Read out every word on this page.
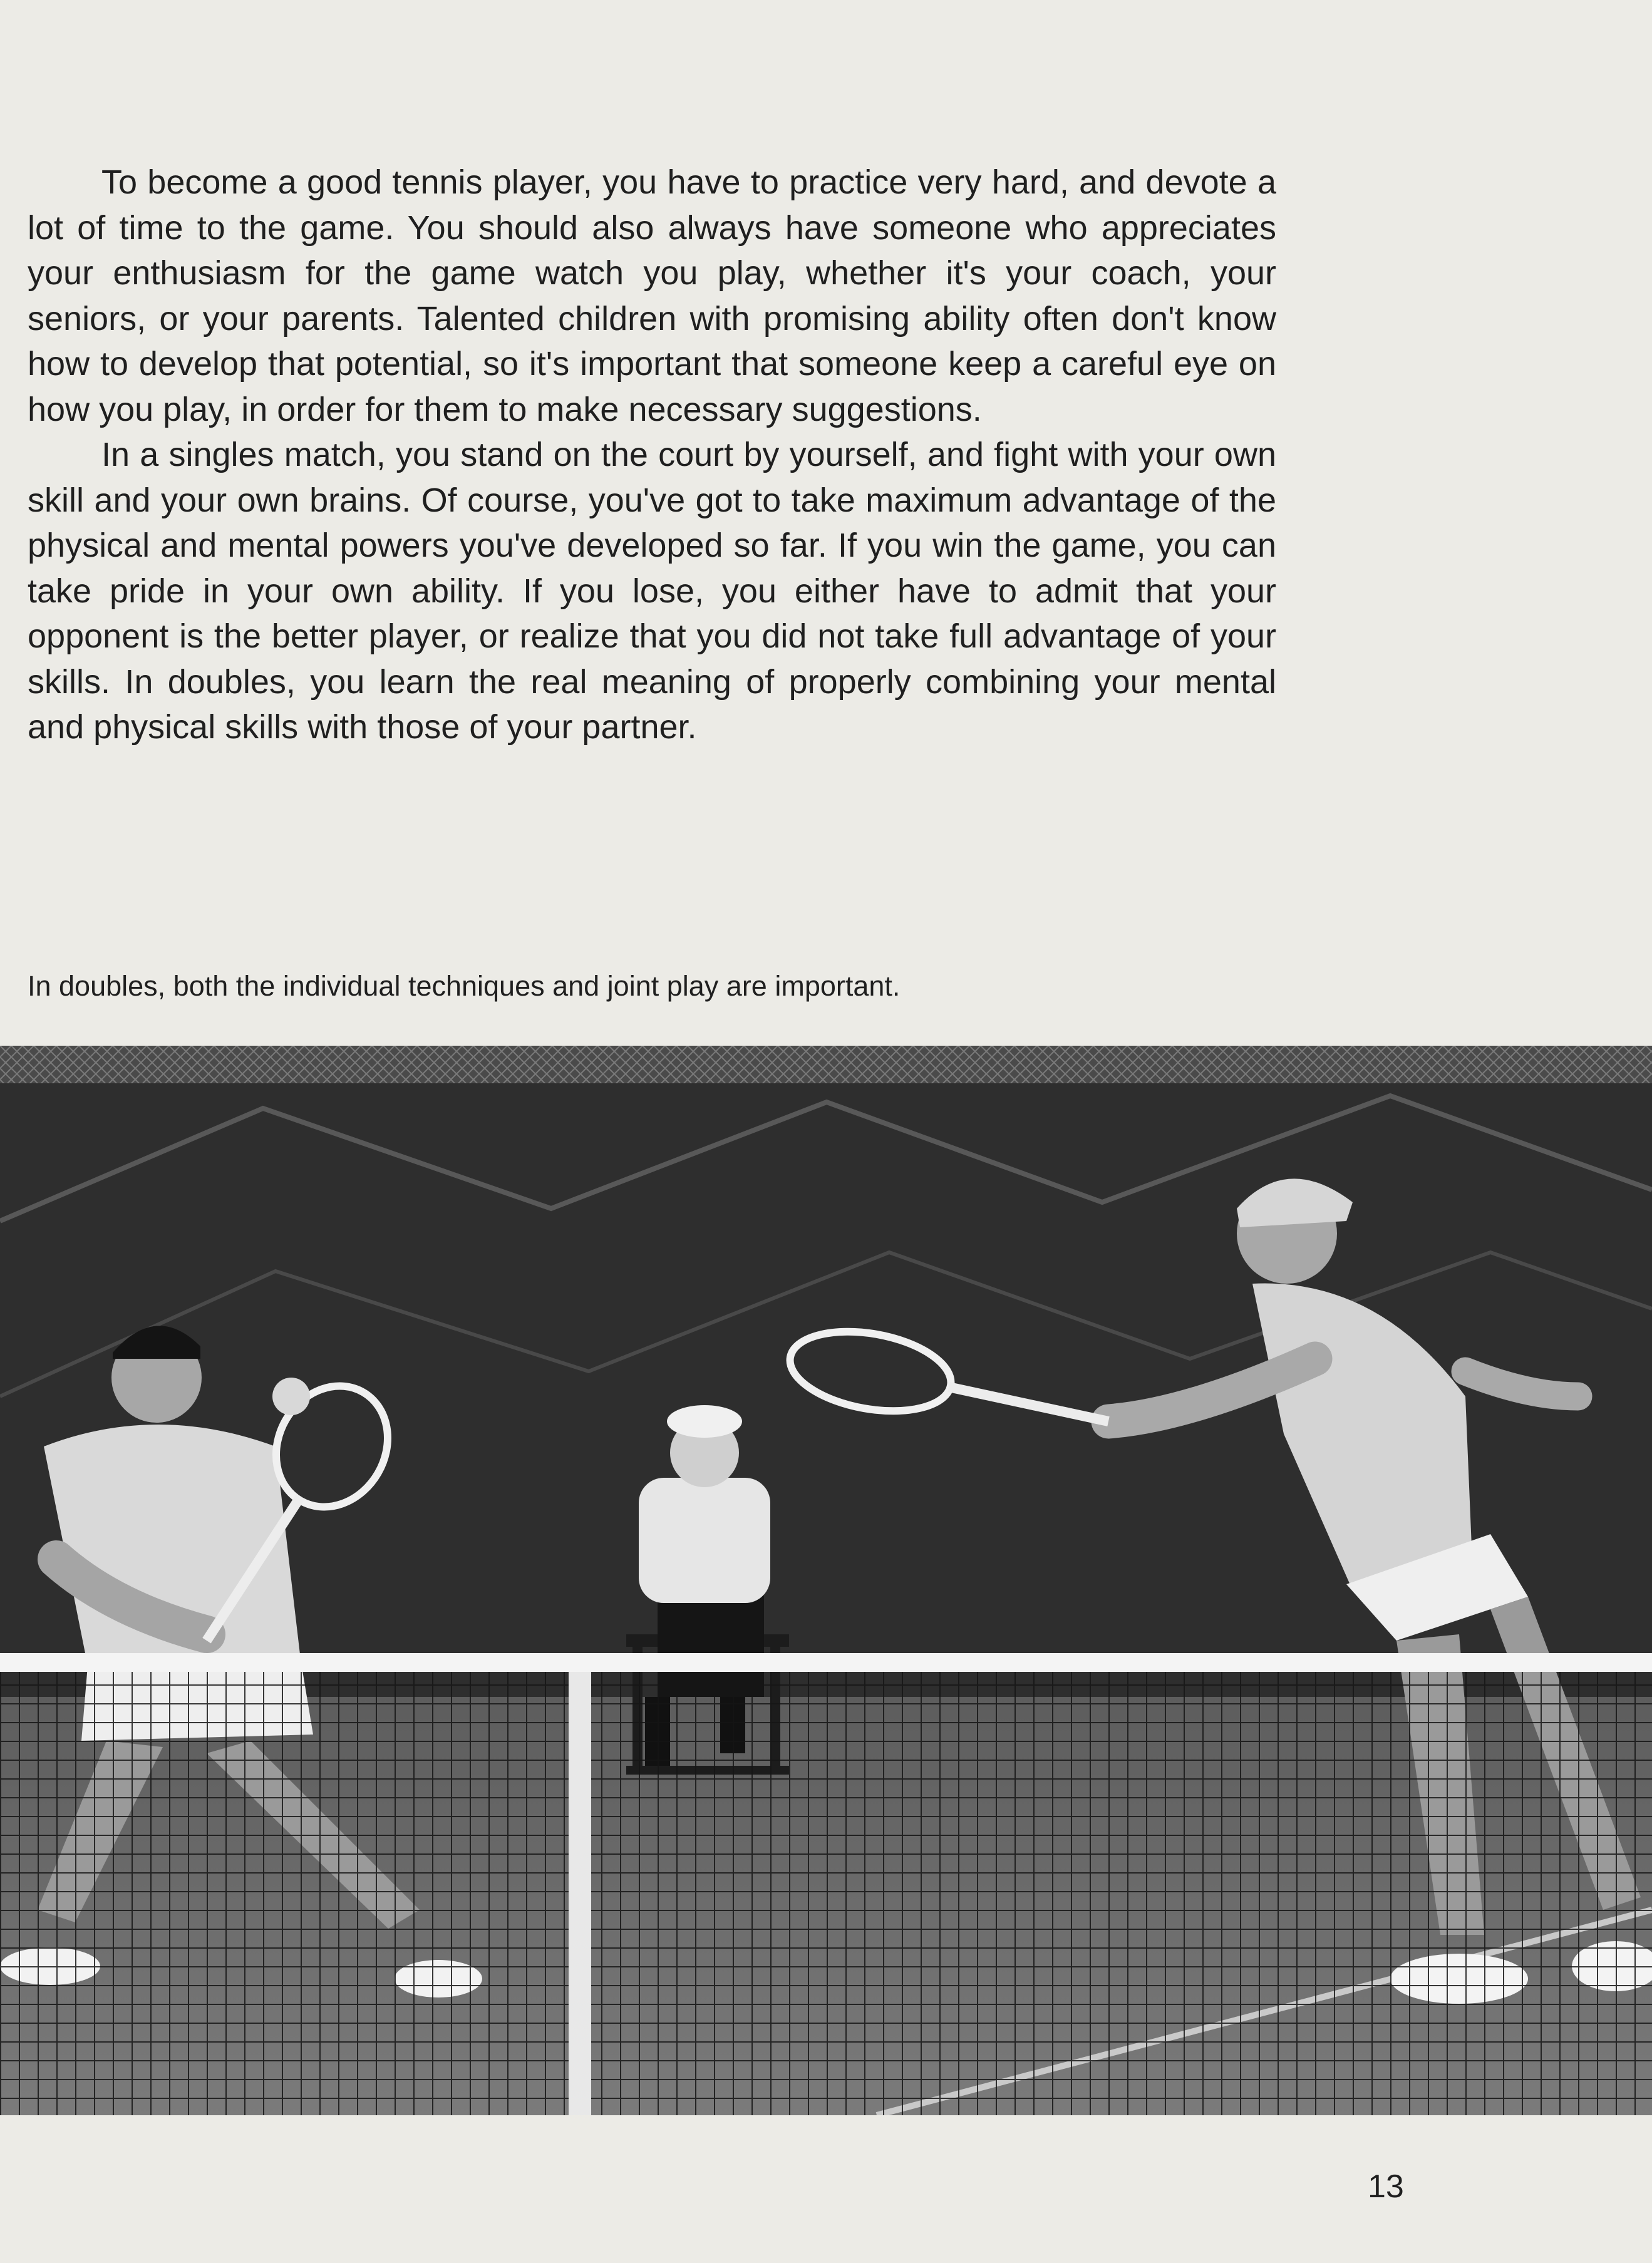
To become a good tennis player, you have to practice very hard, and devote a lot of time to the game. You should also always have someone who appreciates your enthusiasm for the game watch you play, whether it's your coach, your seniors, or your parents. Talented children with promising ability often don't know how to develop that potential, so it's important that someone keep a careful eye on how you play, in order for them to make necessary suggestions.

In a singles match, you stand on the court by yourself, and fight with your own skill and your own brains. Of course, you've got to take maximum advantage of the physical and mental powers you've developed so far. If you win the game, you can take pride in your own ability. If you lose, you either have to admit that your opponent is the better player, or realize that you did not take full advantage of your skills. In doubles, you learn the real meaning of properly combining your mental and physical skills with those of your partner.

In doubles, both the individual techniques and joint play are important.

13
